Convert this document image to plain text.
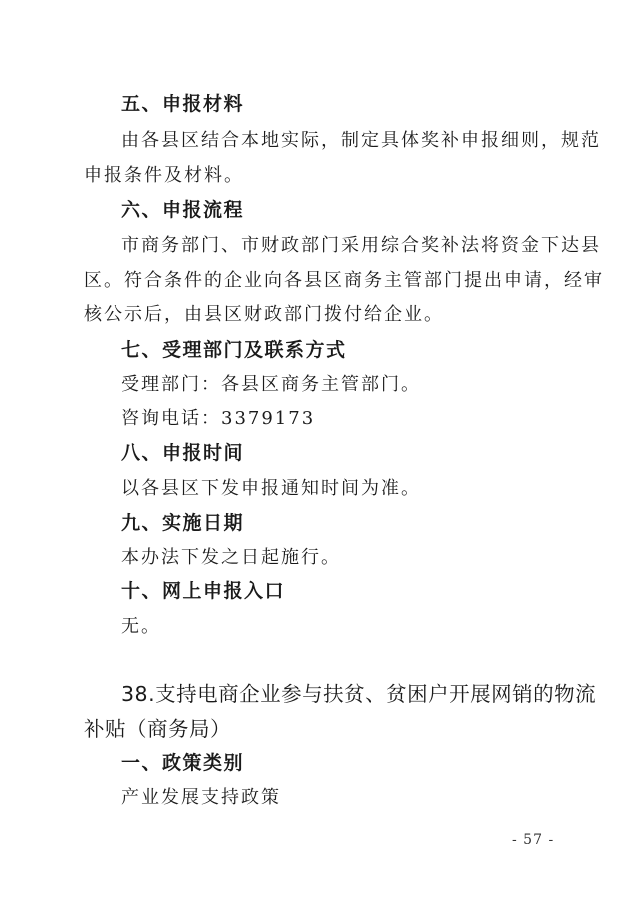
五、申报材料
由各县区结合本地实际，制定具体奖补申报细则，规范
申报条件及材料。
六、申报流程
市商务部门、市财政部门采用综合奖补法将资金下达县
区。符合条件的企业向各县区商务主管部门提出申请，经审
核公示后，由县区财政部门拨付给企业。
七、受理部门及联系方式
受理部门：各县区商务主管部门。
咨询电话：3379173
八、申报时间
以各县区下发申报通知时间为准。
九、实施日期
本办法下发之日起施行。
十、网上申报入口
无。
38.支持电商企业参与扶贫、贫困户开展网销的物流
补贴（商务局）
一、政策类别
产业发展支持政策
- 57 -
